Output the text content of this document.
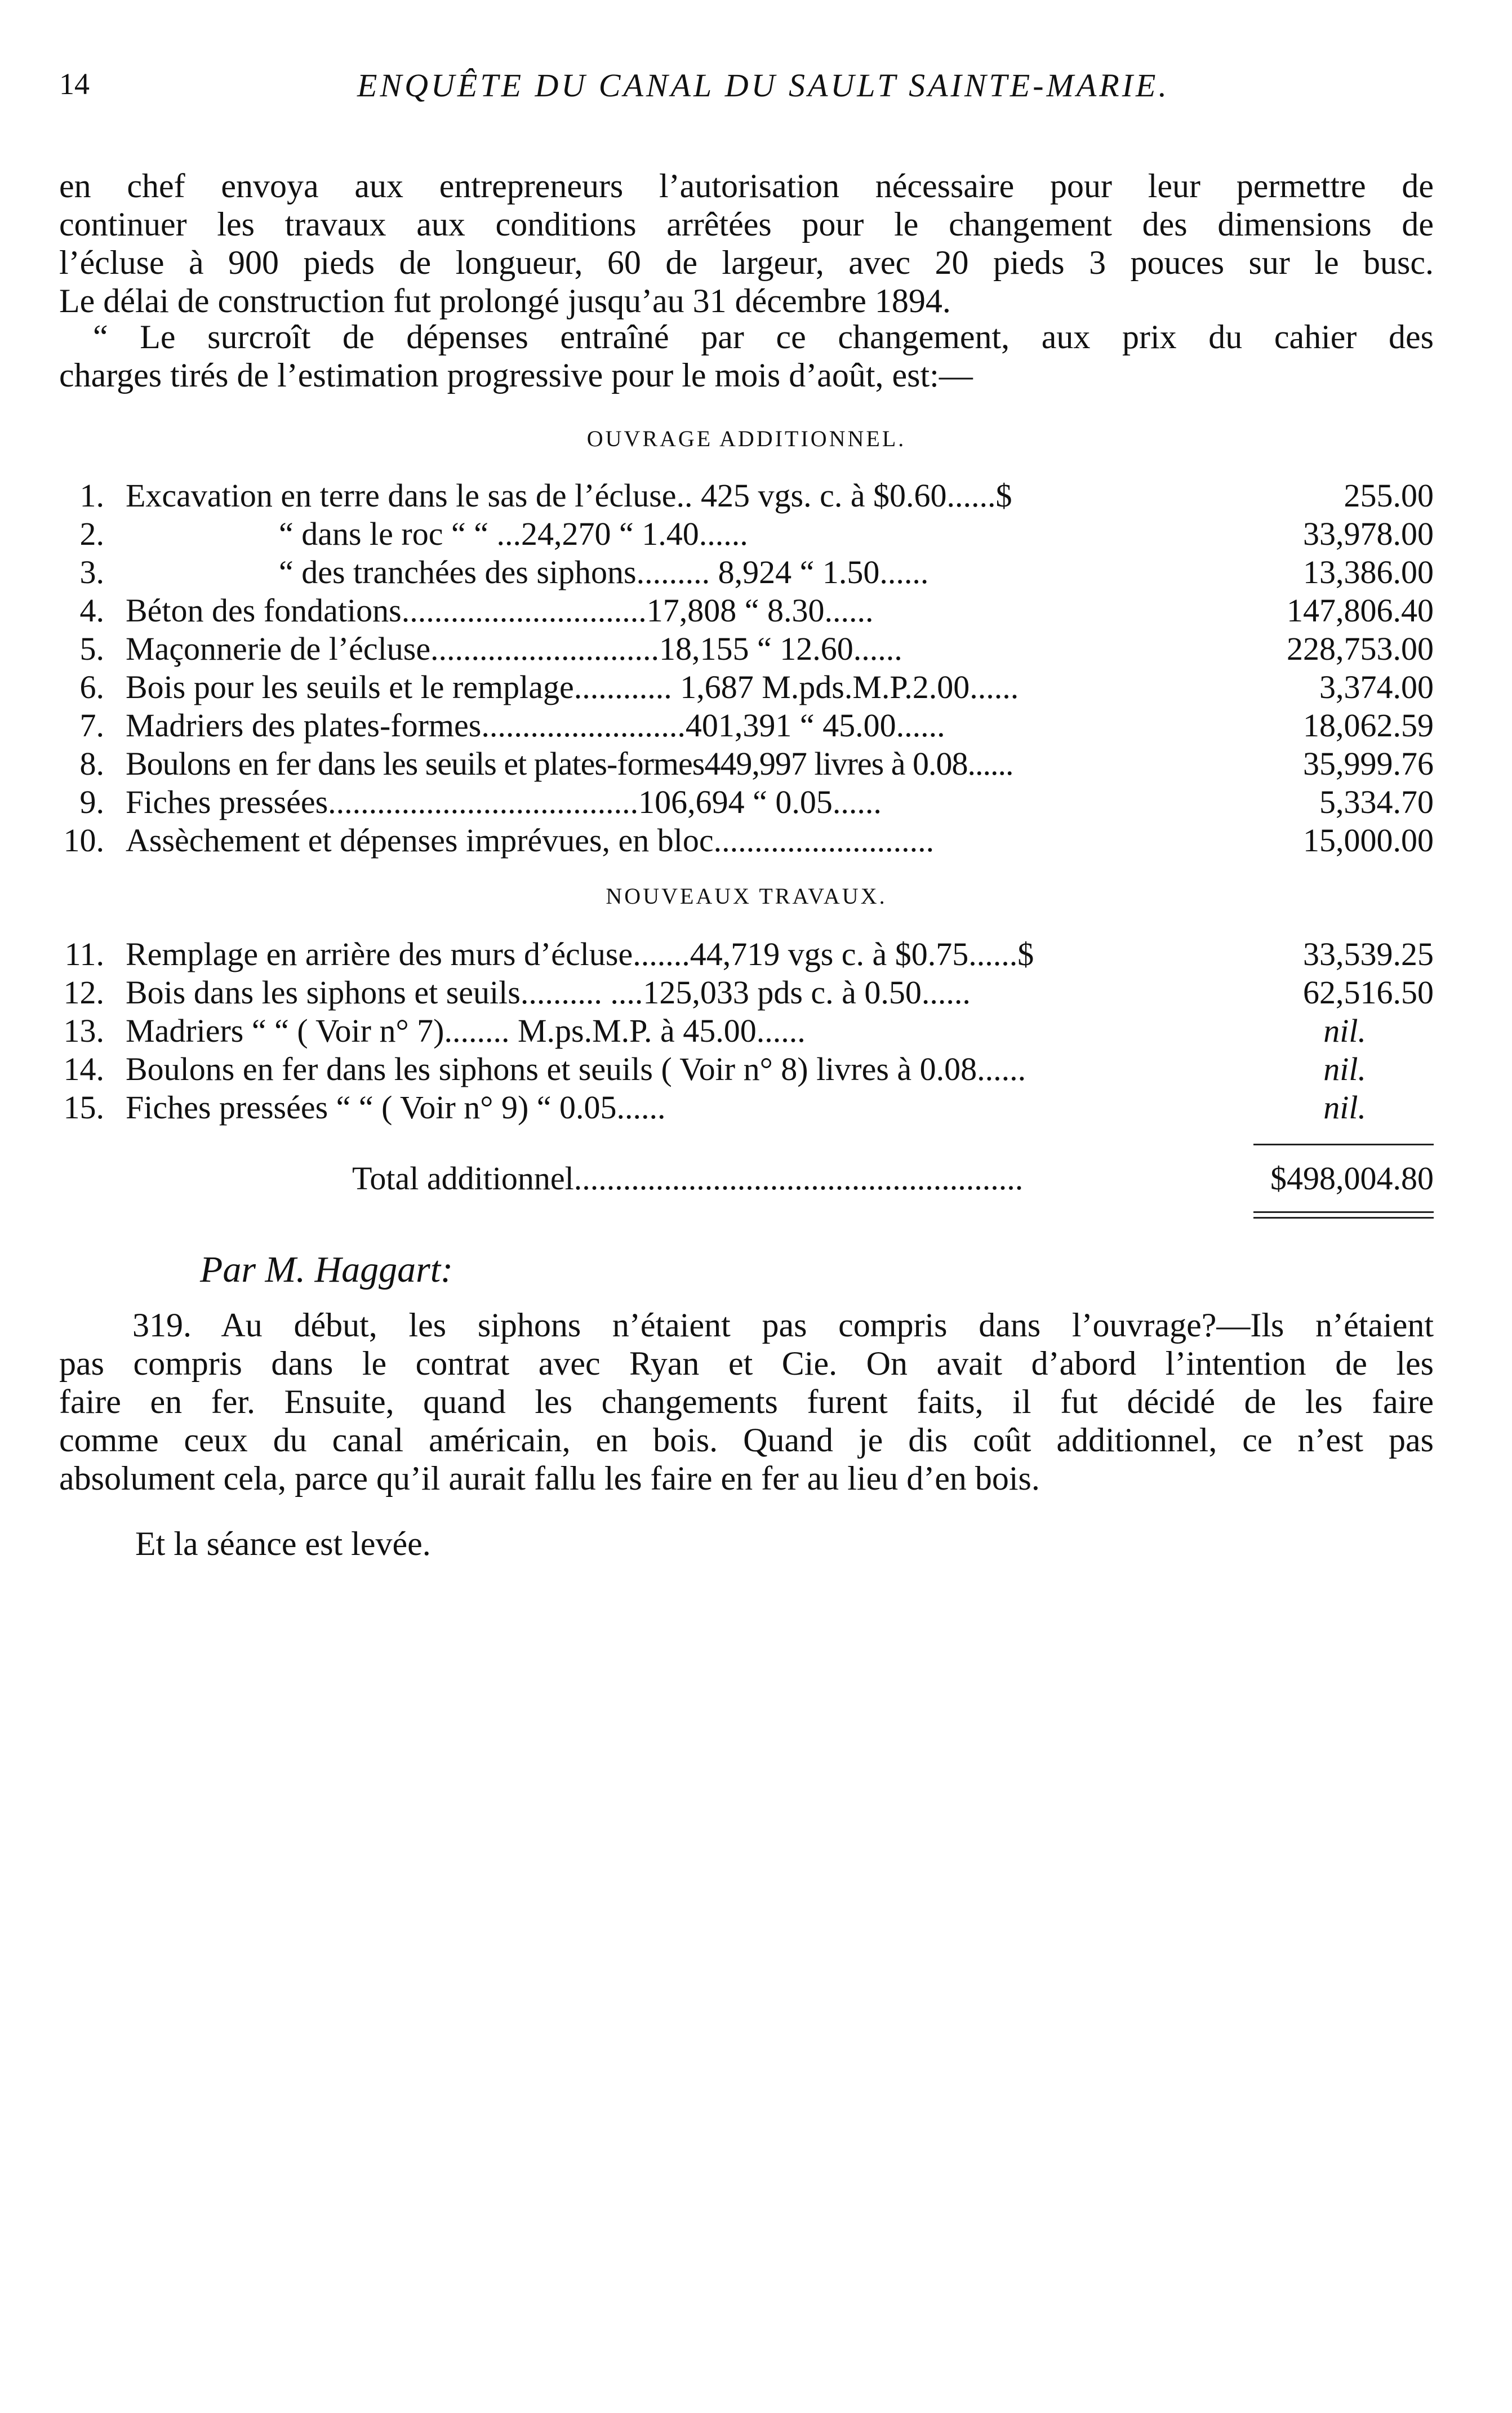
14	ENQUÊTE DU CANAL DU SAULT SAINTE-MARIE.
en chef envoya aux entrepreneurs l’autorisation nécessaire pour leur permettre de
continuer les travaux aux conditions arrêtées pour le changement des dimensions de
l’écluse à 900 pieds de longueur, 60 de largeur, avec 20 pieds 3 pouces sur le busc.
Le délai de construction fut prolongé jusqu’au 31 décembre 1894.
“ Le surcroît de dépenses entraîné par ce changement, aux prix du cahier des
charges tirés de l’estimation progressive pour le mois d’août, est:—
OUVRAGE ADDITIONNEL.
1. Excavation en terre dans le sas de l’écluse.. 425 vgs. c. à $0.60......$	255.00
2.	“ dans le roc “ “ ...24,270 “ 1.40......	33,978.00
3.	“ des tranchées des siphons......... 8,924 “ 1.50......	13,386.00
4. Béton des fondations..............................17,808 “ 8.30......	147,806.40
5. Maçonnerie de l’écluse............................18,155 “ 12.60......	228,753.00
6. Bois pour les seuils et le remplage............ 1,687 M.pds.M.P.2.00......	3,374.00
7. Madriers des plates-formes.........................401,391 “ 45.00......	18,062.59
8. Boulons en fer dans les seuils et plates-formes449,997 livres à 0.08......	35,999.76
9. Fiches pressées......................................106,694 “ 0.05......	5,334.70
10. Assèchement et dépenses imprévues, en bloc...........................	15,000.00
NOUVEAUX TRAVAUX.
11. Remplage en arrière des murs d’écluse.......44,719 vgs c. à $0.75......$	33,539.25
12. Bois dans les siphons et seuils.......... ....125,033 pds c. à 0.50......	62,516.50
13. Madriers “ “ ( Voir n° 7)........ M.ps.M.P. à 45.00......	nil.
14. Boulons en fer dans les siphons et seuils ( Voir n° 8) livres à 0.08......	nil.
15. Fiches pressées “ “ ( Voir n° 9) “ 0.05......	nil.
Total additionnel.......................................................	$498,004.80
Par M. Haggart:
319. Au début, les siphons n’étaient pas compris dans l’ouvrage?—Ils n’étaient
pas compris dans le contrat avec Ryan et Cie. On avait d’abord l’intention de les
faire en fer. Ensuite, quand les changements furent faits, il fut décidé de les faire
comme ceux du canal américain, en bois. Quand je dis coût additionnel, ce n’est pas
absolument cela, parce qu’il aurait fallu les faire en fer au lieu d’en bois.
Et la séance est levée.
